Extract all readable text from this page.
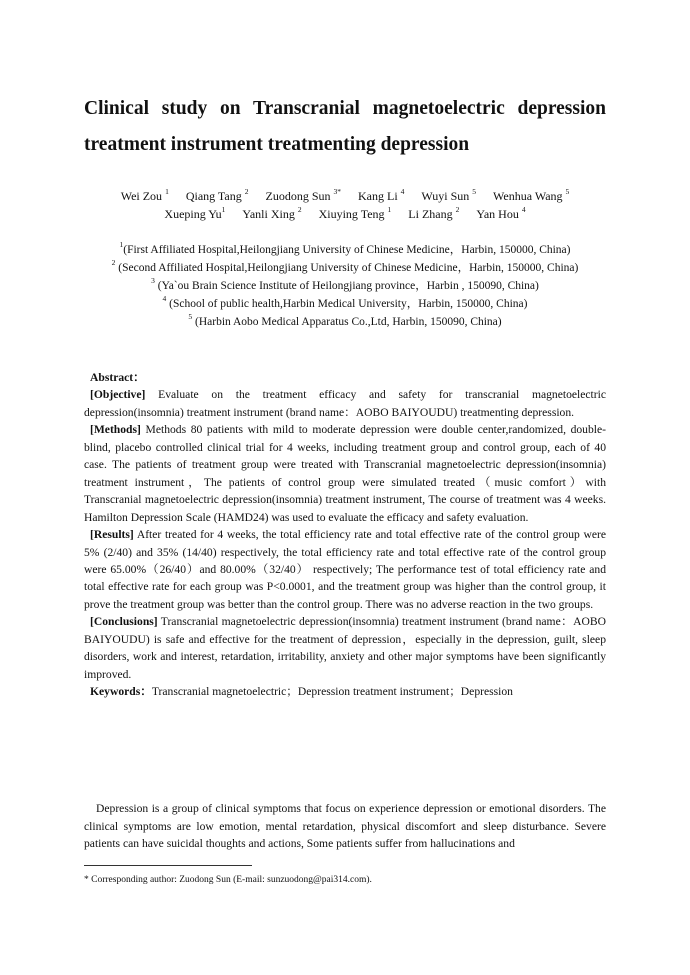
Clinical study on Transcranial magnetoelectric depression
treatment instrument treatmenting depression
Wei Zou $^1$ Qiang Tang $^2$ Zuodong Sun $^{3*}$ Kang Li $^4$ Wuyi Sun $^5$ Wenhua Wang $^5$
Xueping Yu$^1$ Yanli Xing $^2$ Xiuying Teng $^1$ Li Zhang $^2$ Yan Hou $^4$
$^1$(First Affiliated Hospital,Heilongjiang University of Chinese Medicine，Harbin, 150000, China)
$^2$ (Second Affiliated Hospital,Heilongjiang University of Chinese Medicine，Harbin, 150000, China)
$^3$ (Ya`ou Brain Science Institute of Heilongjiang province，Harbin , 150090, China)
$^4$ (School of public health,Harbin Medical University，Harbin, 150000, China)
$^5$ (Harbin Aobo Medical Apparatus Co.,Ltd, Harbin, 150090, China)

Abstract：

[Objective] Evaluate on the treatment efficacy and safety for transcranial magnetoelectric depression(insomnia) treatment instrument (brand name：AOBO BAIYOUDU) treatmenting depression.

[Methods] Methods 80 patients with mild to moderate depression were double center,randomized, double-blind, placebo controlled clinical trial for 4 weeks, including treatment group and control group, each of 40 case. The patients of treatment group were treated with Transcranial magnetoelectric depression(insomnia) treatment instrument，The patients of control group were simulated treated（music comfort）with Transcranial magnetoelectric depression(insomnia) treatment instrument, The course of treatment was 4 weeks. Hamilton Depression Scale (HAMD24) was used to evaluate the efficacy and safety evaluation.

[Results] After treated for 4 weeks, the total efficiency rate and total effective rate of the control group were 5% (2/40) and 35% (14/40) respectively, the total efficiency rate and total effective rate of the control group were 65.00%（26/40）and 80.00%（32/40） respectively; The performance test of total efficiency rate and total effective rate for each group was P<0.0001, and the treatment group was higher than the control group, it prove the treatment group was better than the control group. There was no adverse reaction in the two groups.

[Conclusions] Transcranial magnetoelectric depression(insomnia) treatment instrument (brand name：AOBO BAIYOUDU) is safe and effective for the treatment of depression，especially in the depression, guilt, sleep disorders, work and interest, retardation, irritability, anxiety and other major symptoms have been significantly improved.

Keywords：Transcranial magnetoelectric；Depression treatment instrument；Depression

Depression is a group of clinical symptoms that focus on experience depression or emotional disorders. The clinical symptoms are low emotion, mental retardation, physical discomfort and sleep disturbance. Severe patients can have suicidal thoughts and actions, Some patients suffer from hallucinations and

* Corresponding author: Zuodong Sun (E-mail: sunzuodong@pai314.com).
